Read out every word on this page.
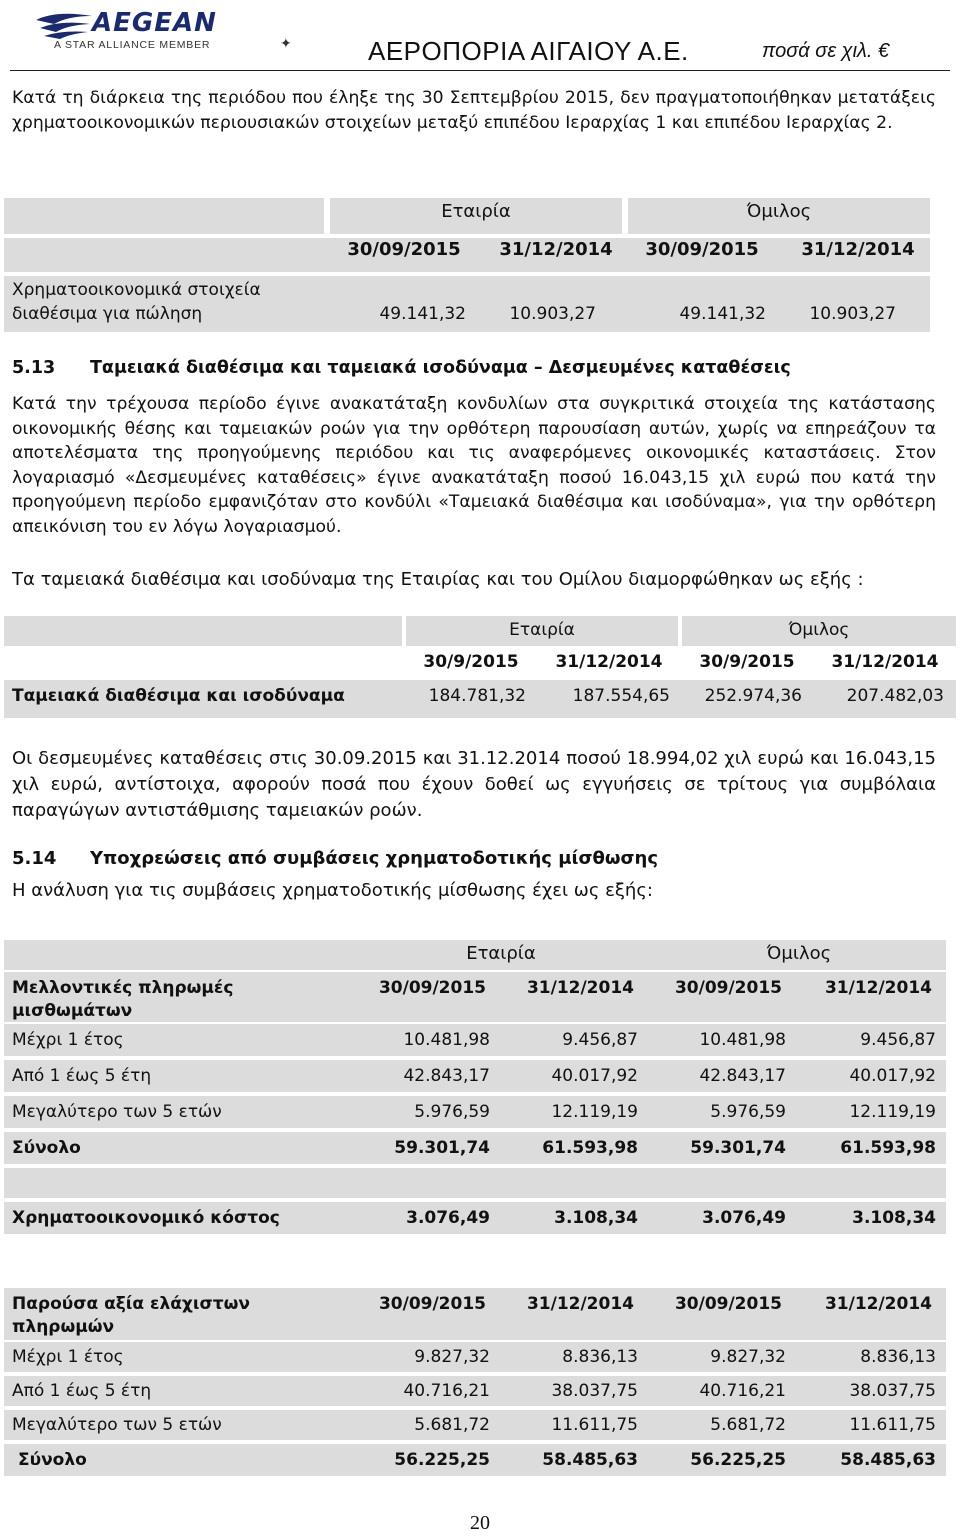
AEGEAN
A STAR ALLIANCE MEMBER	✦	ΑΕΡΟΠΟΡΙΑ ΑΙΓΑΙΟΥ Α.Ε.	ποσά σε χιλ. €
Κατά τη διάρκεια της περιόδου που έληξε της 30 Σεπτεμβρίου 2015, δεν πραγματοποιήθηκαν μετατάξεις χρηματοοικονομικών περιουσιακών στοιχείων μεταξύ επιπέδου Ιεραρχίας 1 και επιπέδου Ιεραρχίας 2.
Εταιρία	Όμιλος
30/09/2015	31/12/2014	30/09/2015	31/12/2014
Χρηματοοικονομικά στοιχεία
διαθέσιμα για πώληση	49.141,32	10.903,27	49.141,32	10.903,27
5.13 Ταμειακά διαθέσιμα και ταμειακά ισοδύναμα – Δεσμευμένες καταθέσεις
Κατά την τρέχουσα περίοδο έγινε ανακατάταξη κονδυλίων στα συγκριτικά στοιχεία της κατάστασης οικονομικής θέσης και ταμειακών ροών για την ορθότερη παρουσίαση αυτών, χωρίς να επηρεάζουν τα αποτελέσματα της προηγούμενης περιόδου και τις αναφερόμενες οικονομικές καταστάσεις. Στον λογαριασμό «Δεσμευμένες καταθέσεις» έγινε ανακατάταξη ποσού 16.043,15 χιλ ευρώ που κατά την προηγούμενη περίοδο εμφανιζόταν στο κονδύλι «Ταμειακά διαθέσιμα και ισοδύναμα», για την ορθότερη απεικόνιση του εν λόγω λογαριασμού.
Τα ταμειακά διαθέσιμα και ισοδύναμα της Εταιρίας και του Ομίλου διαμορφώθηκαν ως εξής :
Εταιρία	Όμιλος
30/9/2015	31/12/2014	30/9/2015	31/12/2014
Ταμειακά διαθέσιμα και ισοδύναμα	184.781,32	187.554,65	252.974,36	207.482,03
Οι δεσμευμένες καταθέσεις στις 30.09.2015 και 31.12.2014 ποσού 18.994,02 χιλ ευρώ και 16.043,15 χιλ ευρώ, αντίστοιχα, αφορούν ποσά που έχουν δοθεί ως εγγυήσεις σε τρίτους για συμβόλαια παραγώγων αντιστάθμισης ταμειακών ροών.
5.14 Υποχρεώσεις από συμβάσεις χρηματοδοτικής μίσθωσης
Η ανάλυση για τις συμβάσεις χρηματοδοτικής μίσθωσης έχει ως εξής:
Εταιρία	Όμιλος
Μελλοντικές πληρωμές
μισθωμάτων
30/09/2015	31/12/2014	30/09/2015	31/12/2014
Μέχρι 1 έτος	10.481,98	9.456,87	10.481,98	9.456,87
Από 1 έως 5 έτη	42.843,17	40.017,92	42.843,17	40.017,92
Μεγαλύτερο των 5 ετών	5.976,59	12.119,19	5.976,59	12.119,19
Σύνολο	59.301,74	61.593,98	59.301,74	61.593,98
Χρηματοοικονομικό κόστος	3.076,49	3.108,34	3.076,49	3.108,34
Παρούσα αξία ελάχιστων
πληρωμών
30/09/2015	31/12/2014	30/09/2015	31/12/2014
Μέχρι 1 έτος	9.827,32	8.836,13	9.827,32	8.836,13
Από 1 έως 5 έτη	40.716,21	38.037,75	40.716,21	38.037,75
Μεγαλύτερο των 5 ετών	5.681,72	11.611,75	5.681,72	11.611,75
Σύνολο	56.225,25	58.485,63	56.225,25	58.485,63
20
